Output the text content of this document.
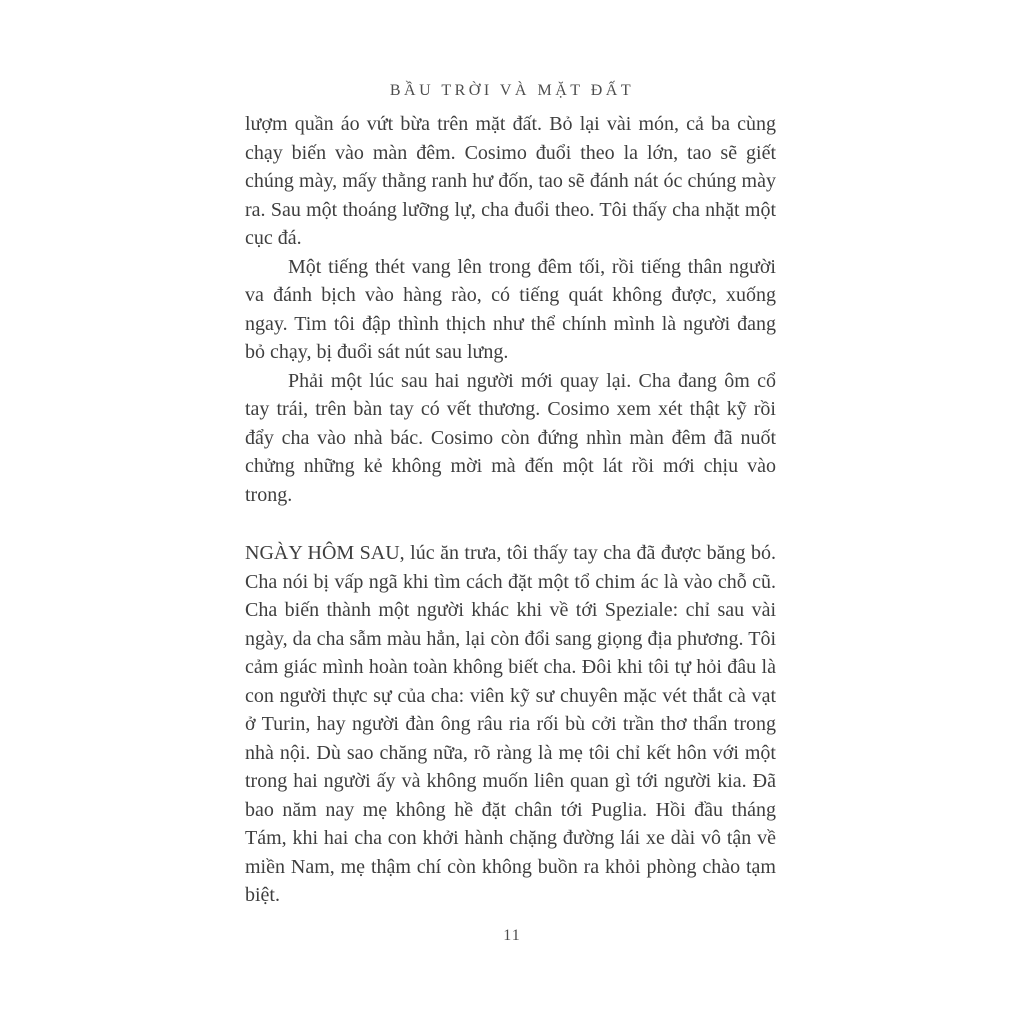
BẦU TRỜI VÀ MẶT ĐẤT

lượm quần áo vứt bừa trên mặt đất. Bỏ lại vài món, cả ba cùng chạy biến vào màn đêm. Cosimo đuổi theo la lớn, tao sẽ giết chúng mày, mấy thằng ranh hư đốn, tao sẽ đánh nát óc chúng mày ra. Sau một thoáng lưỡng lự, cha đuổi theo. Tôi thấy cha nhặt một cục đá.

Một tiếng thét vang lên trong đêm tối, rồi tiếng thân người va đánh bịch vào hàng rào, có tiếng quát không được, xuống ngay. Tim tôi đập thình thịch như thể chính mình là người đang bỏ chạy, bị đuổi sát nút sau lưng.

Phải một lúc sau hai người mới quay lại. Cha đang ôm cổ tay trái, trên bàn tay có vết thương. Cosimo xem xét thật kỹ rồi đẩy cha vào nhà bác. Cosimo còn đứng nhìn màn đêm đã nuốt chửng những kẻ không mời mà đến một lát rồi mới chịu vào trong.

NGÀY HÔM SAU, lúc ăn trưa, tôi thấy tay cha đã được băng bó. Cha nói bị vấp ngã khi tìm cách đặt một tổ chim ác là vào chỗ cũ. Cha biến thành một người khác khi về tới Speziale: chỉ sau vài ngày, da cha sẫm màu hẳn, lại còn đổi sang giọng địa phương. Tôi cảm giác mình hoàn toàn không biết cha. Đôi khi tôi tự hỏi đâu là con người thực sự của cha: viên kỹ sư chuyên mặc vét thắt cà vạt ở Turin, hay người đàn ông râu ria rối bù cởi trần thơ thẩn trong nhà nội. Dù sao chăng nữa, rõ ràng là mẹ tôi chỉ kết hôn với một trong hai người ấy và không muốn liên quan gì tới người kia. Đã bao năm nay mẹ không hề đặt chân tới Puglia. Hồi đầu tháng Tám, khi hai cha con khởi hành chặng đường lái xe dài vô tận về miền Nam, mẹ thậm chí còn không buồn ra khỏi phòng chào tạm biệt.

11
